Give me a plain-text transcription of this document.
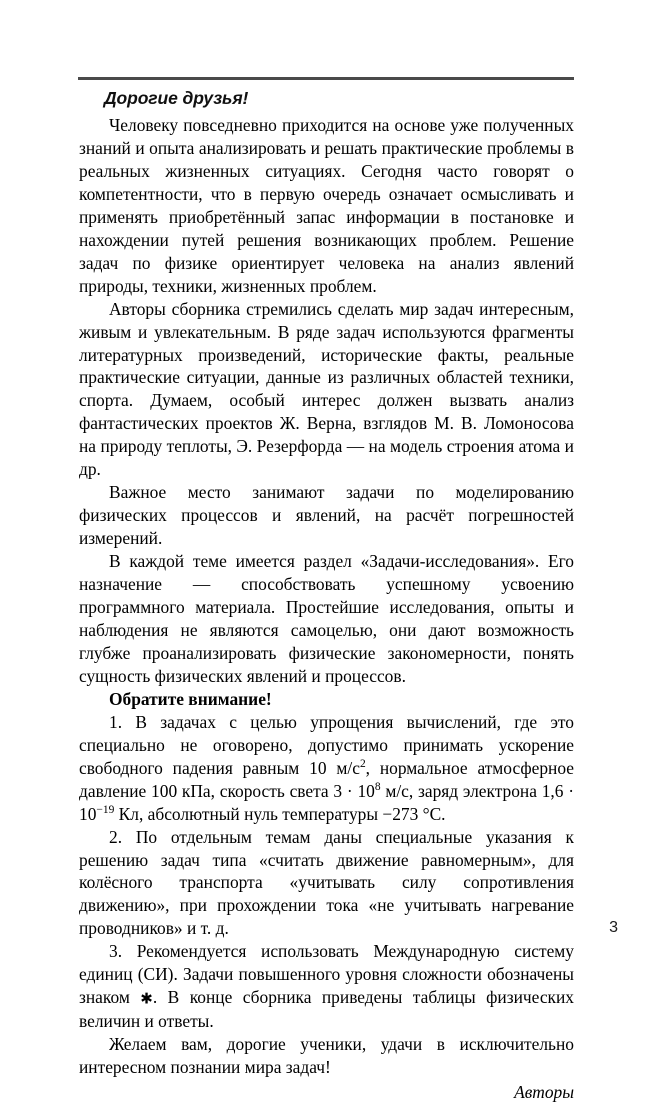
Дорогие друзья!

Человеку повседневно приходится на основе уже полученных знаний и опыта анализировать и решать практические проблемы в реальных жизненных ситуациях. Сегодня часто говорят о компетентности, что в первую очередь означает осмысливать и применять приобретённый запас информации в постановке и нахождении путей решения возникающих проблем. Решение задач по физике ориентирует человека на анализ явлений природы, техники, жизненных проблем.

Авторы сборника стремились сделать мир задач интересным, живым и увлекательным. В ряде задач используются фрагменты литературных произведений, исторические факты, реальные практические ситуации, данные из различных областей техники, спорта. Думаем, особый интерес должен вызвать анализ фантастических проектов Ж. Верна, взглядов М. В. Ломоносова на природу теплоты, Э. Резерфорда — на модель строения атома и др.

Важное место занимают задачи по моделированию физических процессов и явлений, на расчёт погрешностей измерений.

В каждой теме имеется раздел «Задачи-исследования». Его назначение — способствовать успешному усвоению программного материала. Простейшие исследования, опыты и наблюдения не являются самоцелью, они дают возможность глубже проанализировать физические закономерности, понять сущность физических явлений и процессов.

Обратите внимание!

1. В задачах с целью упрощения вычислений, где это специально не оговорено, допустимо принимать ускорение свободного падения равным 10 $м/с^2$, нормальное атмосферное давление 100 кПа, скорость света $3 \cdot 10^8$ м/с, заряд электрона $1,6 \cdot 10^{-19}$ Кл, абсолютный нуль температуры −273 °С.

2. По отдельным темам даны специальные указания к решению задач типа «считать движение равномерным», для колёсного транспорта «учитывать силу сопротивления движению», при прохождении тока «не учитывать нагревание проводников» и т. д.

3. Рекомендуется использовать Международную систему единиц (СИ). Задачи повышенного уровня сложности обозначены знаком ✱. В конце сборника приведены таблицы физических величин и ответы.

Желаем вам, дорогие ученики, удачи в исключительно интересном познании мира задач!

Авторы

3
